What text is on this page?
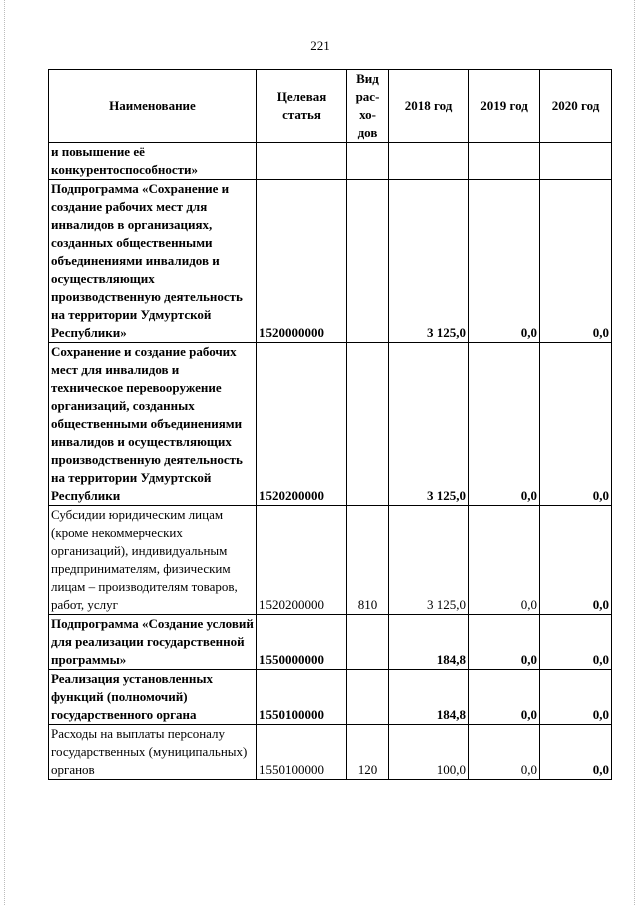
221
Наименование	Целевая статья	Вид
рас-
хо-
дов	2018 год	2019 год	2020 год
и повышение её конкурентоспособности»					
Подпрограмма «Сохранение и создание рабочих мест для инвалидов в организациях, созданных общественными объединениями инвалидов и осуществляющих производственную деятельность на территории Удмуртской Республики»	1520000000		3 125,0	0,0	0,0
Сохранение и создание рабочих мест для инвалидов и техническое перевооружение организаций, созданных общественными объединениями инвалидов и осуществляющих производственную деятельность на территории Удмуртской Республики	1520200000		3 125,0	0,0	0,0
Субсидии юридическим лицам (кроме некоммерческих организаций), индивидуальным предпринимателям, физическим лицам – производителям товаров, работ, услуг	1520200000	810	3 125,0	0,0	0,0
Подпрограмма «Создание условий для реализации государственной программы»	1550000000		184,8	0,0	0,0
Реализация установленных функций (полномочий) государственного органа	1550100000		184,8	0,0	0,0
Расходы на выплаты персоналу государственных (муниципальных) органов	1550100000	120	100,0	0,0	0,0
